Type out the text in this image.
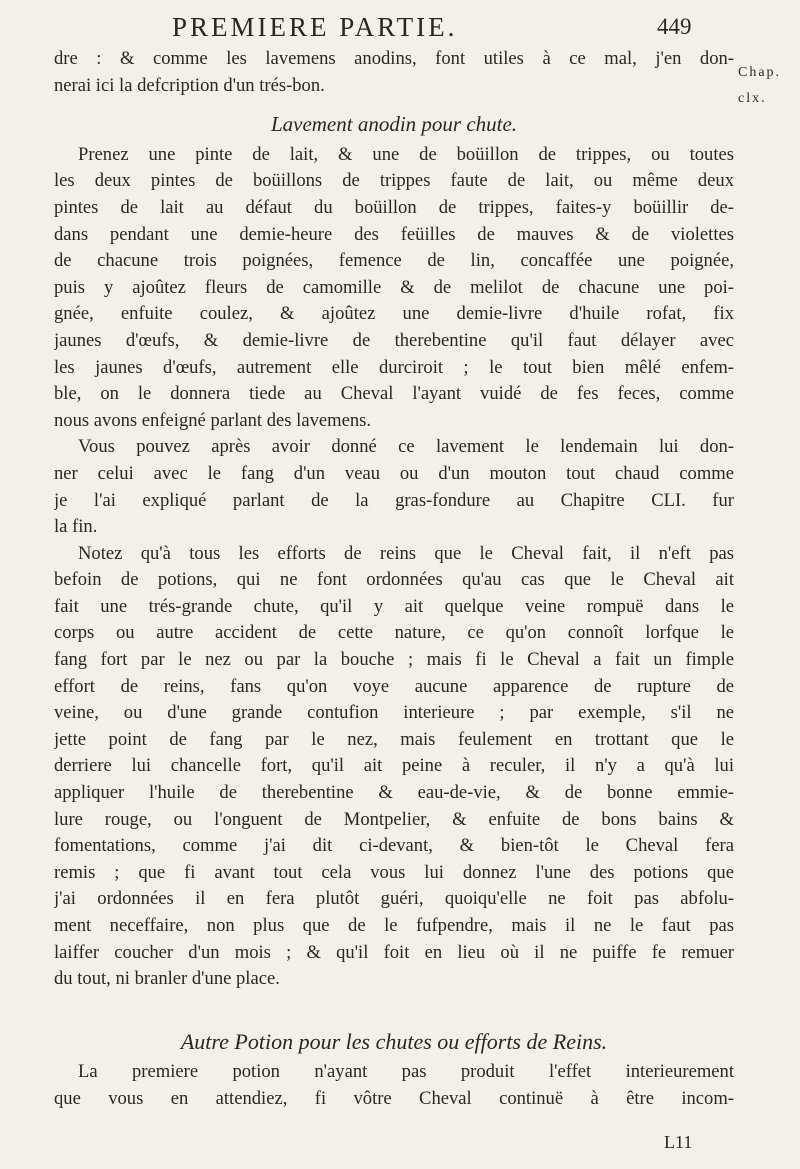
PREMIERE PARTIE.	449
Chap.
clx.
dre : & comme les lavemens anodins, font utiles à ce mal, j'en don-
nerai ici la defcription d'un trés-bon.
Lavement anodin pour chute.
Prenez une pinte de lait, & une de boüillon de trippes, ou toutes
les deux pintes de boüillons de trippes faute de lait, ou même deux
pintes de lait au défaut du boüillon de trippes, faites-y boüillir de-
dans pendant une demie-heure des feüilles de mauves & de violettes
de chacune trois poignées, femence de lin, concaffée une poignée,
puis y ajoûtez fleurs de camomille & de melilot de chacune une poi-
gnée, enfuite coulez, & ajoûtez une demie-livre d'huile rofat, fix
jaunes d'œufs, & demie-livre de therebentine qu'il faut délayer avec
les jaunes d'œufs, autrement elle durciroit ; le tout bien mêlé enfem-
ble, on le donnera tiede au Cheval l'ayant vuidé de fes feces, comme
nous avons enfeigné parlant des lavemens.
Vous pouvez après avoir donné ce lavement le lendemain lui don-
ner celui avec le fang d'un veau ou d'un mouton tout chaud comme
je l'ai expliqué parlant de la gras-fondure au Chapitre CLI. fur
la fin.
Notez qu'à tous les efforts de reins que le Cheval fait, il n'eft pas
befoin de potions, qui ne font ordonnées qu'au cas que le Cheval ait
fait une trés-grande chute, qu'il y ait quelque veine rompuë dans le
corps ou autre accident de cette nature, ce qu'on connoît lorfque le
fang fort par le nez ou par la bouche ; mais fi le Cheval a fait un fimple
effort de reins, fans qu'on voye aucune apparence de rupture de
veine, ou d'une grande contufion interieure ; par exemple, s'il ne
jette point de fang par le nez, mais feulement en trottant que le
derriere lui chancelle fort, qu'il ait peine à reculer, il n'y a qu'à lui
appliquer l'huile de therebentine & eau-de-vie, & de bonne emmie-
lure rouge, ou l'onguent de Montpelier, & enfuite de bons bains &
fomentations, comme j'ai dit ci-devant, & bien-tôt le Cheval fera
remis ; que fi avant tout cela vous lui donnez l'une des potions que
j'ai ordonnées il en fera plutôt guéri, quoiqu'elle ne foit pas abfolu-
ment neceffaire, non plus que de le fufpendre, mais il ne le faut pas
laiffer coucher d'un mois ; & qu'il foit en lieu où il ne puiffe fe remuer
du tout, ni branler d'une place.
Autre Potion pour les chutes ou efforts de Reins.
La premiere potion n'ayant pas produit l'effet interieurement
que vous en attendiez, fi vôtre Cheval continuë à être incom-
L11
